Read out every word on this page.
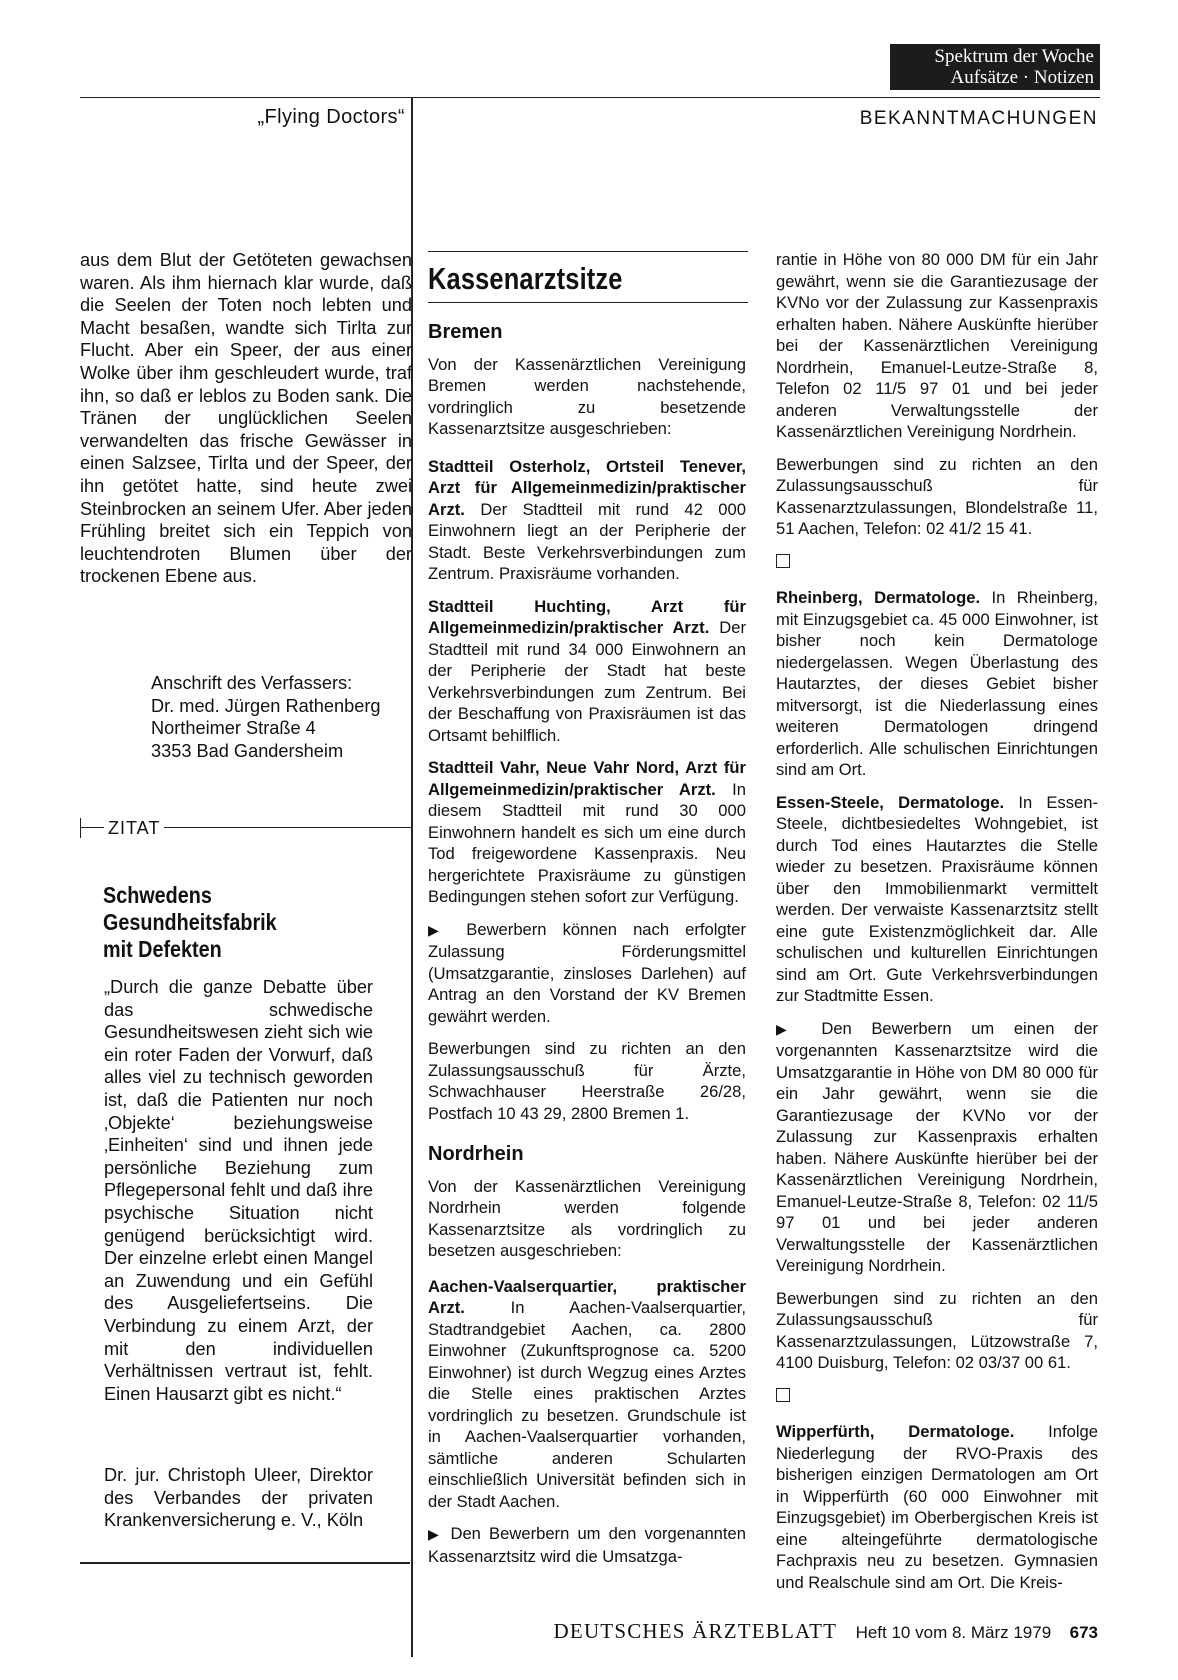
Spektrum der Woche
Aufsätze · Notizen
„Flying Doctors“	BEKANNTMACHUNGEN

aus dem Blut der Getöteten gewachsen waren. Als ihm hiernach klar wurde, daß die Seelen der Toten noch lebten und Macht besaßen, wandte sich Tirlta zur Flucht. Aber ein Speer, der aus einer Wolke über ihm geschleudert wurde, traf ihn, so daß er leblos zu Boden sank. Die Tränen der unglücklichen Seelen verwandelten das frische Gewässer in einen Salzsee, Tirlta und der Speer, der ihn getötet hatte, sind heute zwei Steinbrocken an seinem Ufer. Aber jeden Frühling breitet sich ein Teppich von leuchtendroten Blumen über der trockenen Ebene aus.

Anschrift des Verfassers:
Dr. med. Jürgen Rathenberg
Northeimer Straße 4
3353 Bad Gandersheim
ZITAT
Schwedens
Gesundheitsfabrik
mit Defekten

„Durch die ganze Debatte über das schwedische Gesundheitswesen zieht sich wie ein roter Faden der Vorwurf, daß alles viel zu technisch geworden ist, daß die Patienten nur noch ‚Objekte‘ beziehungsweise ‚Einheiten‘ sind und ihnen jede persönliche Beziehung zum Pflegepersonal fehlt und daß ihre psychische Situation nicht genügend berücksichtigt wird. Der einzelne erlebt einen Mangel an Zuwendung und ein Gefühl des Ausgeliefertseins. Die Verbindung zu einem Arzt, der mit den individuellen Verhältnissen vertraut ist, fehlt. Einen Hausarzt gibt es nicht.“

Dr. jur. Christoph Uleer, Direktor des Verbandes der privaten Krankenversicherung e. V., Köln

Kassenarztsitze
Bremen

Von der Kassenärztlichen Vereinigung Bremen werden nachstehende, vordringlich zu besetzende Kassenarztsitze ausgeschrieben:

Stadtteil Osterholz, Ortsteil Tenever, Arzt für Allgemeinmedizin/praktischer Arzt. Der Stadtteil mit rund 42 000 Einwohnern liegt an der Peripherie der Stadt. Beste Verkehrsverbindungen zum Zentrum. Praxisräume vorhanden.

Stadtteil Huchting, Arzt für Allgemeinmedizin/praktischer Arzt. Der Stadtteil mit rund 34 000 Einwohnern an der Peripherie der Stadt hat beste Verkehrsverbindungen zum Zentrum. Bei der Beschaffung von Praxisräumen ist das Ortsamt behilflich.

Stadtteil Vahr, Neue Vahr Nord, Arzt für Allgemeinmedizin/praktischer Arzt. In diesem Stadtteil mit rund 30 000 Einwohnern handelt es sich um eine durch Tod freigewordene Kassenpraxis. Neu hergerichtete Praxisräume zu günstigen Bedingungen stehen sofort zur Verfügung.

▶ Bewerbern können nach erfolgter Zulassung Förderungsmittel (Umsatzgarantie, zinsloses Darlehen) auf Antrag an den Vorstand der KV Bremen gewährt werden.

Bewerbungen sind zu richten an den Zulassungsausschuß für Ärzte, Schwachhauser Heerstraße 26/28, Postfach 10 43 29, 2800 Bremen 1.

Nordrhein

Von der Kassenärztlichen Vereinigung Nordrhein werden folgende Kassenarztsitze als vordringlich zu besetzen ausgeschrieben:

Aachen-Vaalserquartier, praktischer Arzt.	In Aachen-Vaalserquartier, Stadtrandgebiet Aachen, ca. 2800 Einwohner (Zukunftsprognose ca. 5200 Einwohner) ist durch Wegzug eines Arztes die Stelle eines praktischen Arztes vordringlich zu besetzen. Grundschule ist in Aachen-Vaalserquartier vorhanden, sämtliche anderen Schularten einschließlich Universität befinden sich in der Stadt Aachen.

▶ Den Bewerbern um den vorgenannten Kassenarztsitz wird die Umsatzga-

rantie in Höhe von 80 000 DM für ein Jahr gewährt, wenn sie die Garantiezusage der KVNo vor der Zulassung zur Kassenpraxis erhalten haben. Nähere Auskünfte hierüber bei der Kassenärztlichen Vereinigung Nordrhein, Emanuel-Leutze-Straße 8, Telefon 02 11/5 97 01 und bei jeder anderen Verwaltungsstelle der Kassenärztlichen Vereinigung Nordrhein.

Bewerbungen sind zu richten an den Zulassungsausschuß für Kassenarztzulassungen, Blondelstraße 11, 51 Aachen, Telefon: 02 41/2 15 41.

Rheinberg, Dermatologe. In Rheinberg, mit Einzugsgebiet ca. 45 000 Einwohner, ist bisher noch kein Dermatologe niedergelassen. Wegen Überlastung des Hautarztes, der dieses Gebiet bisher mitversorgt, ist die Niederlassung eines weiteren Dermatologen dringend erforderlich. Alle schulischen Einrichtungen sind am Ort.

Essen-Steele, Dermatologe. In Essen-Steele, dichtbesiedeltes Wohngebiet, ist durch Tod eines Hautarztes die Stelle wieder zu besetzen. Praxisräume können über den Immobilienmarkt vermittelt werden. Der verwaiste Kassenarztsitz stellt eine gute Existenzmöglichkeit dar. Alle schulischen und kulturellen Einrichtungen sind am Ort. Gute Verkehrsverbindungen zur Stadtmitte Essen.

▶ Den Bewerbern um einen der vorgenannten Kassenarztsitze wird die Umsatzgarantie in Höhe von DM 80 000 für ein Jahr gewährt, wenn sie die Garantiezusage der KVNo vor der Zulassung zur Kassenpraxis erhalten haben. Nähere Auskünfte hierüber bei der Kassenärztlichen Vereinigung Nordrhein, Emanuel-Leutze-Straße 8, Telefon: 02 11/5 97 01 und bei jeder anderen Verwaltungsstelle der Kassenärztlichen Vereinigung Nordrhein.

Bewerbungen sind zu richten an den Zulassungsausschuß für Kassenarztzulassungen, Lützowstraße 7, 4100 Duisburg, Telefon: 02 03/37 00 61.

Wipperfürth, Dermatologe. Infolge Niederlegung der RVO-Praxis des bisherigen einzigen Dermatologen am Ort in Wipperfürth (60 000 Einwohner mit Einzugsgebiet) im Oberbergischen Kreis ist eine alteingeführte dermatologische Fachpraxis neu zu besetzen. Gymnasien und Realschule sind am Ort. Die Kreis-

DEUTSCHES ÄRZTEBLATT Heft 10 vom 8. März 1979 673
